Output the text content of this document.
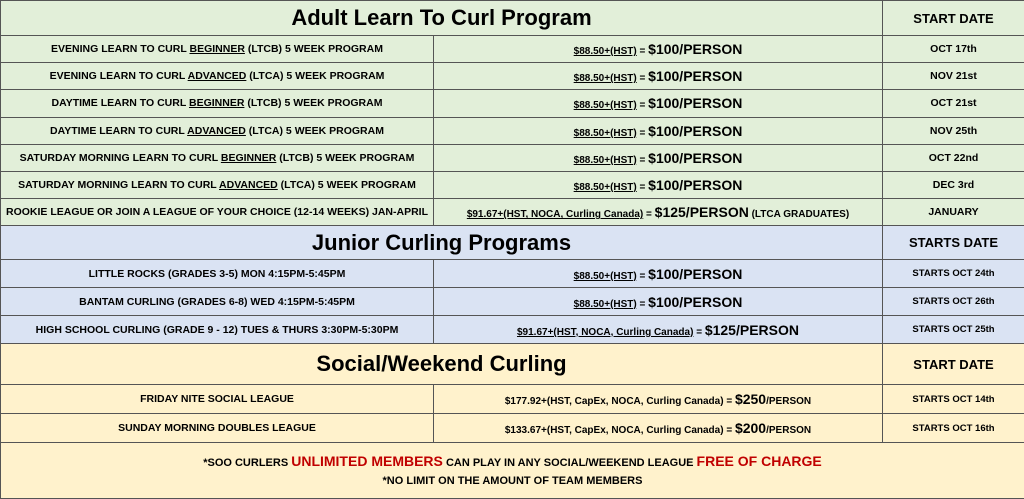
Adult Learn To Curl Program		START DATE
EVENING LEARN TO CURL BEGINNER (LTCB) 5 WEEK PROGRAM	$88.50+(HST) = $100/PERSON	OCT 17th
EVENING LEARN TO CURL ADVANCED (LTCA) 5 WEEK PROGRAM	$88.50+(HST) = $100/PERSON	NOV 21st
DAYTIME LEARN TO CURL BEGINNER (LTCB) 5 WEEK PROGRAM	$88.50+(HST) = $100/PERSON	OCT 21st
DAYTIME LEARN TO CURL ADVANCED (LTCA) 5 WEEK PROGRAM	$88.50+(HST) = $100/PERSON	NOV 25th
SATURDAY MORNING LEARN TO CURL BEGINNER (LTCB) 5 WEEK PROGRAM	$88.50+(HST) = $100/PERSON	OCT 22nd
SATURDAY MORNING LEARN TO CURL ADVANCED (LTCA) 5 WEEK PROGRAM	$88.50+(HST) = $100/PERSON	DEC 3rd
ROOKIE LEAGUE OR JOIN A LEAGUE OF YOUR CHOICE (12-14 WEEKS) JAN-APRIL	$91.67+(HST, NOCA, Curling Canada) = $125/PERSON (LTCA GRADUATES)	JANUARY
Junior Curling Programs		STARTS DATE
LITTLE ROCKS (GRADES 3-5) MON 4:15PM-5:45PM	$88.50+(HST) = $100/PERSON	STARTS OCT 24th
BANTAM CURLING (GRADES 6-8) WED 4:15PM-5:45PM	$88.50+(HST) = $100/PERSON	STARTS OCT 26th
HIGH SCHOOL CURLING (GRADE 9 - 12) TUES & THURS 3:30PM-5:30PM	$91.67+(HST, NOCA, Curling Canada) = $125/PERSON	STARTS OCT 25th
Social/Weekend Curling		START DATE
FRIDAY NITE SOCIAL LEAGUE	$177.92+(HST, CapEx, NOCA, Curling Canada) = $250/PERSON	STARTS OCT 14th
SUNDAY MORNING DOUBLES LEAGUE	$133.67+(HST, CapEx, NOCA, Curling Canada) = $200/PERSON	STARTS OCT 16th

*SOO CURLERS UNLIMITED MEMBERS CAN PLAY IN ANY SOCIAL/WEEKEND LEAGUE FREE OF CHARGE
*NO LIMIT ON THE AMOUNT OF TEAM MEMBERS		
